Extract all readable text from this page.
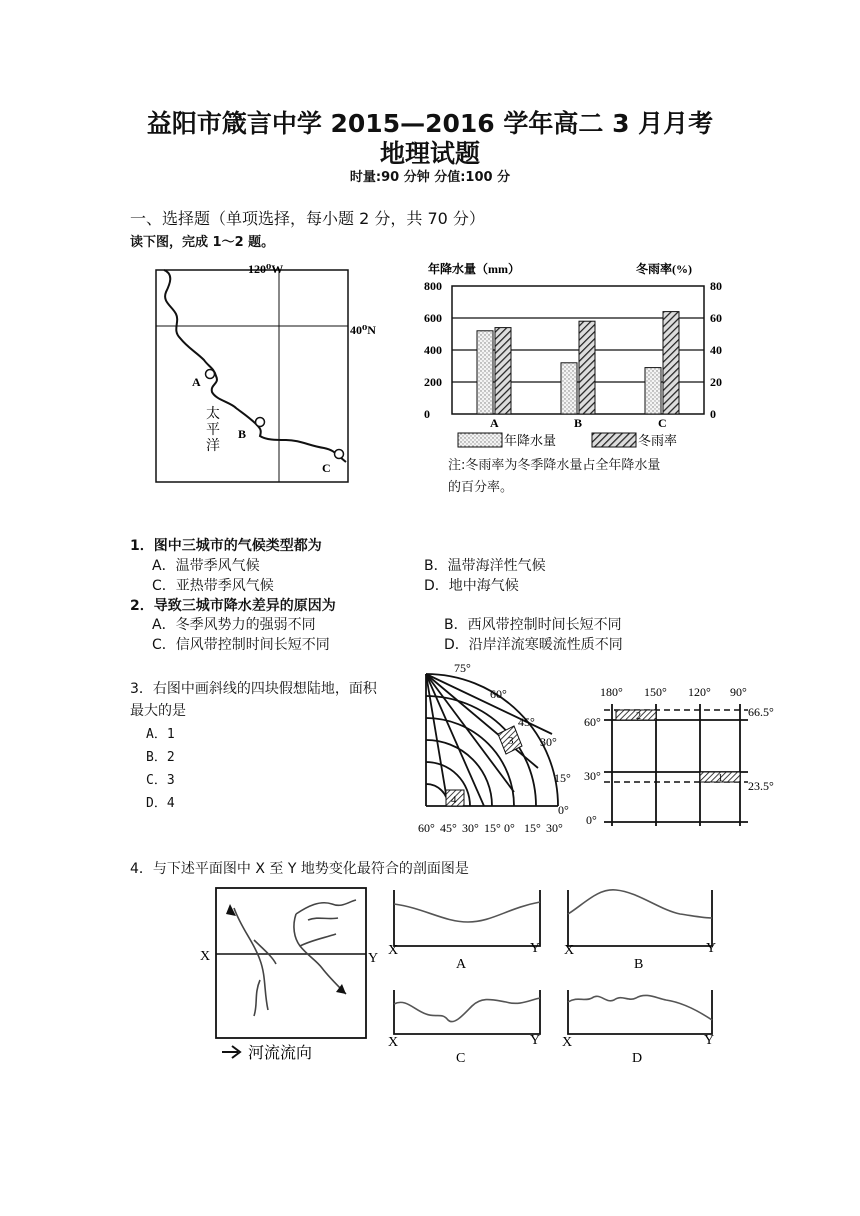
益阳市箴言中学 2015—2016 学年高二 3 月月考
地理试题
时量:90 分钟 分值:100 分
一、选择题（单项选择，每小题 2 分，共 70 分）
读下图，完成 1～2 题。
120⁰W
40⁰N
A
B
C
太
平
洋
年降水量（mm）	冬雨率(%)
800	80
600	60
400	40
200	20
0	0
A	B	C
年降水量	冬雨率
注:冬雨率为冬季降水量占全年降水量
的百分率。
1．图中三城市的气候类型都为
A．温带季风气候	B．温带海洋性气候
C．亚热带季风气候	D．地中海气候
2．导致三城市降水差异的原因为
A．冬季风势力的强弱不同	B．西风带控制时间长短不同
C．信风带控制时间长短不同	D．沿岸洋流寒暖流性质不同
3．右图中画斜线的四块假想陆地，面积
最大的是
A．1
B．2
C．3
D．4
3
4
75°
60°
45°
30°
15°
0°
60° 45° 30° 15° 0° 15° 30°
180° 150° 120° 90°
60°
30°
0°
66.5°
23.5°
2
1
4．与下述平面图中 X 至 Y 地势变化最符合的剖面图是
X	Y
河流流向
X	Y
A
X	Y
B
X	Y
C
X	Y
D
